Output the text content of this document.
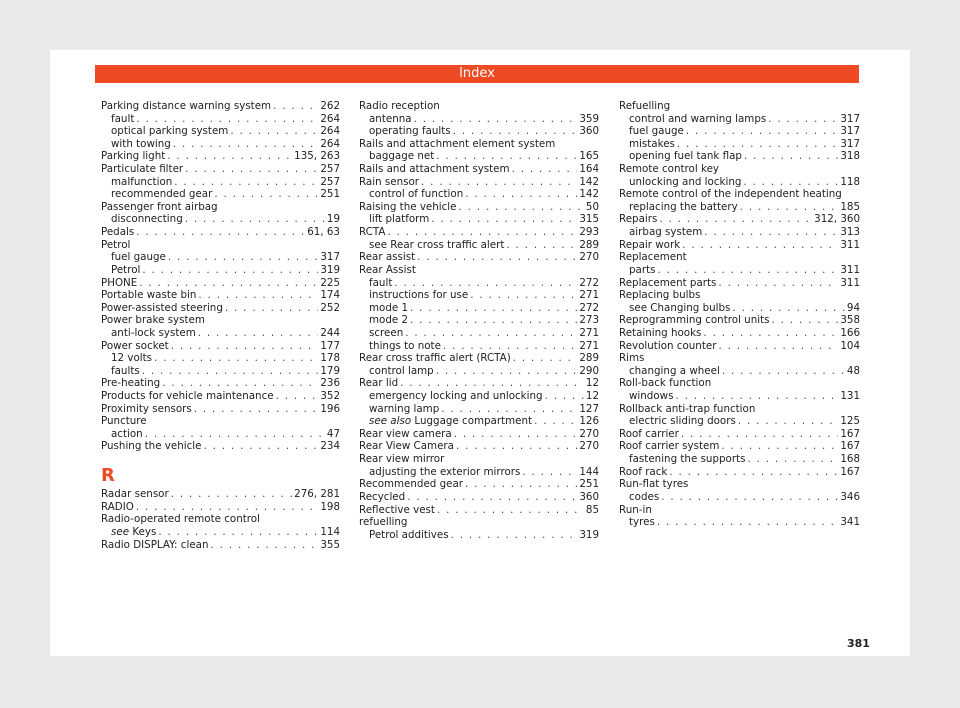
Index
Parking distance warning system . . .	262
fault . . .	264
optical parking system . . .	264
with towing . . .	264
Parking light . . .	135, 263
Particulate filter . . .	257
malfunction . . .	257
recommended gear . . .	251
Passenger front airbag
disconnecting . . .	19
Pedals . . .	61, 63
Petrol
fuel gauge . . .	317
Petrol . . .	319
PHONE . . .	225
Portable waste bin . . .	174
Power-assisted steering . . .	252
Power brake system
anti-lock system . . .	244
Power socket . . .	177
12 volts . . .	178
faults . . .	179
Pre-heating . . .	236
Products for vehicle maintenance . . .	352
Proximity sensors . . .	196
Puncture
action . . .	47
Pushing the vehicle . . .	234
R
Radar sensor . . .	276, 281
RADIO . . .	198
Radio-operated remote control
see Keys . . .	114
Radio DISPLAY: clean . . .	355
Radio reception
antenna . . .	359
operating faults . . .	360
Rails and attachment element system
baggage net . . .	165
Rails and attachment system . . .	164
Rain sensor . . .	142
control of function . . .	142
Raising the vehicle . . .	50
lift platform . . .	315
RCTA . . .	293
see Rear cross traffic alert . . .	289
Rear assist . . .	270
Rear Assist
fault . . .	272
instructions for use . . .	271
mode 1 . . .	272
mode 2 . . .	273
screen . . .	271
things to note . . .	271
Rear cross traffic alert (RCTA) . . .	289
control lamp . . .	290
Rear lid . . .	12
emergency locking and unlocking . . .	12
warning lamp . . .	127
see also Luggage compartment . . .	126
Rear view camera . . .	270
Rear View Camera . . .	270
Rear view mirror
adjusting the exterior mirrors . . .	144
Recommended gear . . .	251
Recycled . . .	360
Reflective vest . . .	85
refuelling
Petrol additives . . .	319
Refuelling
control and warning lamps . . .	317
fuel gauge . . .	317
mistakes . . .	317
opening fuel tank flap . . .	318
Remote control key
unlocking and locking . . .	118
Remote control of the independent heating
replacing the battery . . .	185
Repairs . . .	312, 360
airbag system . . .	313
Repair work . . .	311
Replacement
parts . . .	311
Replacement parts . . .	311
Replacing bulbs
see Changing bulbs . . .	94
Reprogramming control units . . .	358
Retaining hooks . . .	166
Revolution counter . . .	104
Rims
changing a wheel . . .	48
Roll-back function
windows . . .	131
Rollback anti-trap function
electric sliding doors . . .	125
Roof carrier . . .	167
Roof carrier system . . .	167
fastening the supports . . .	168
Roof rack . . .	167
Run-flat tyres
codes . . .	346
Run-in
tyres . . .	341
381
